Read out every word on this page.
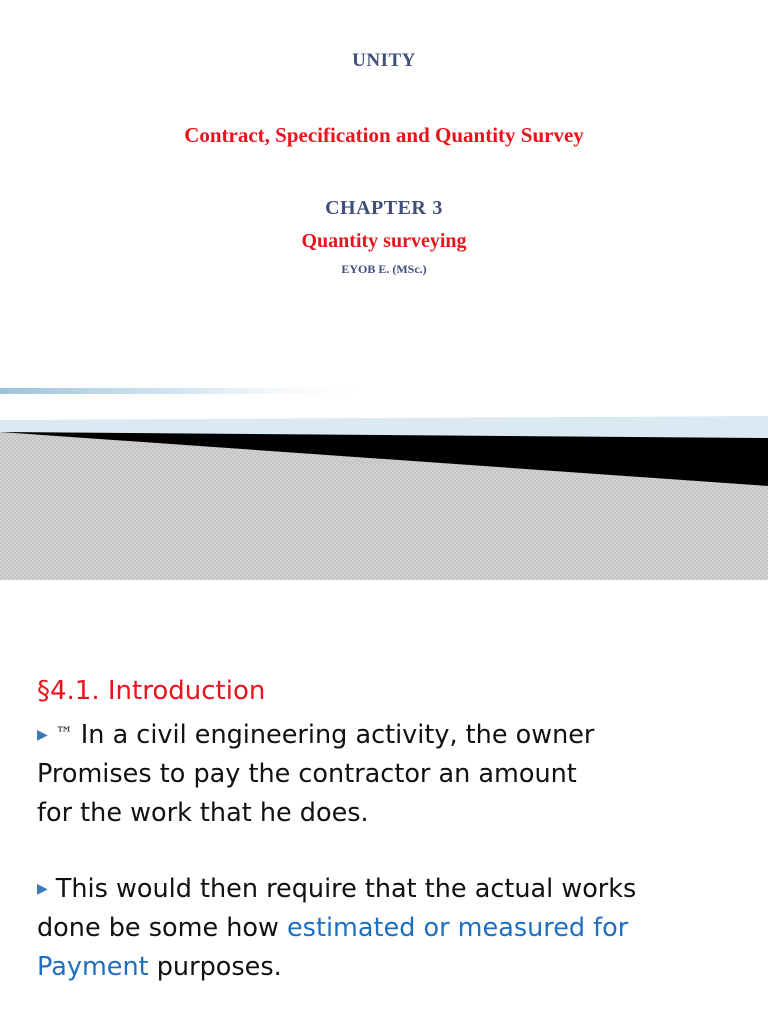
UNITY
Contract, Specification and Quantity Survey
CHAPTER 3
Quantity surveying
EYOB E. (MSc.)
§4.1. Introduction
▶ ™ In a civil engineering activity, the owner
Promises to pay the contractor an amount
for the work that he does.
▶ This would then require that the actual works
done be some how estimated or measured for
Payment purposes.
